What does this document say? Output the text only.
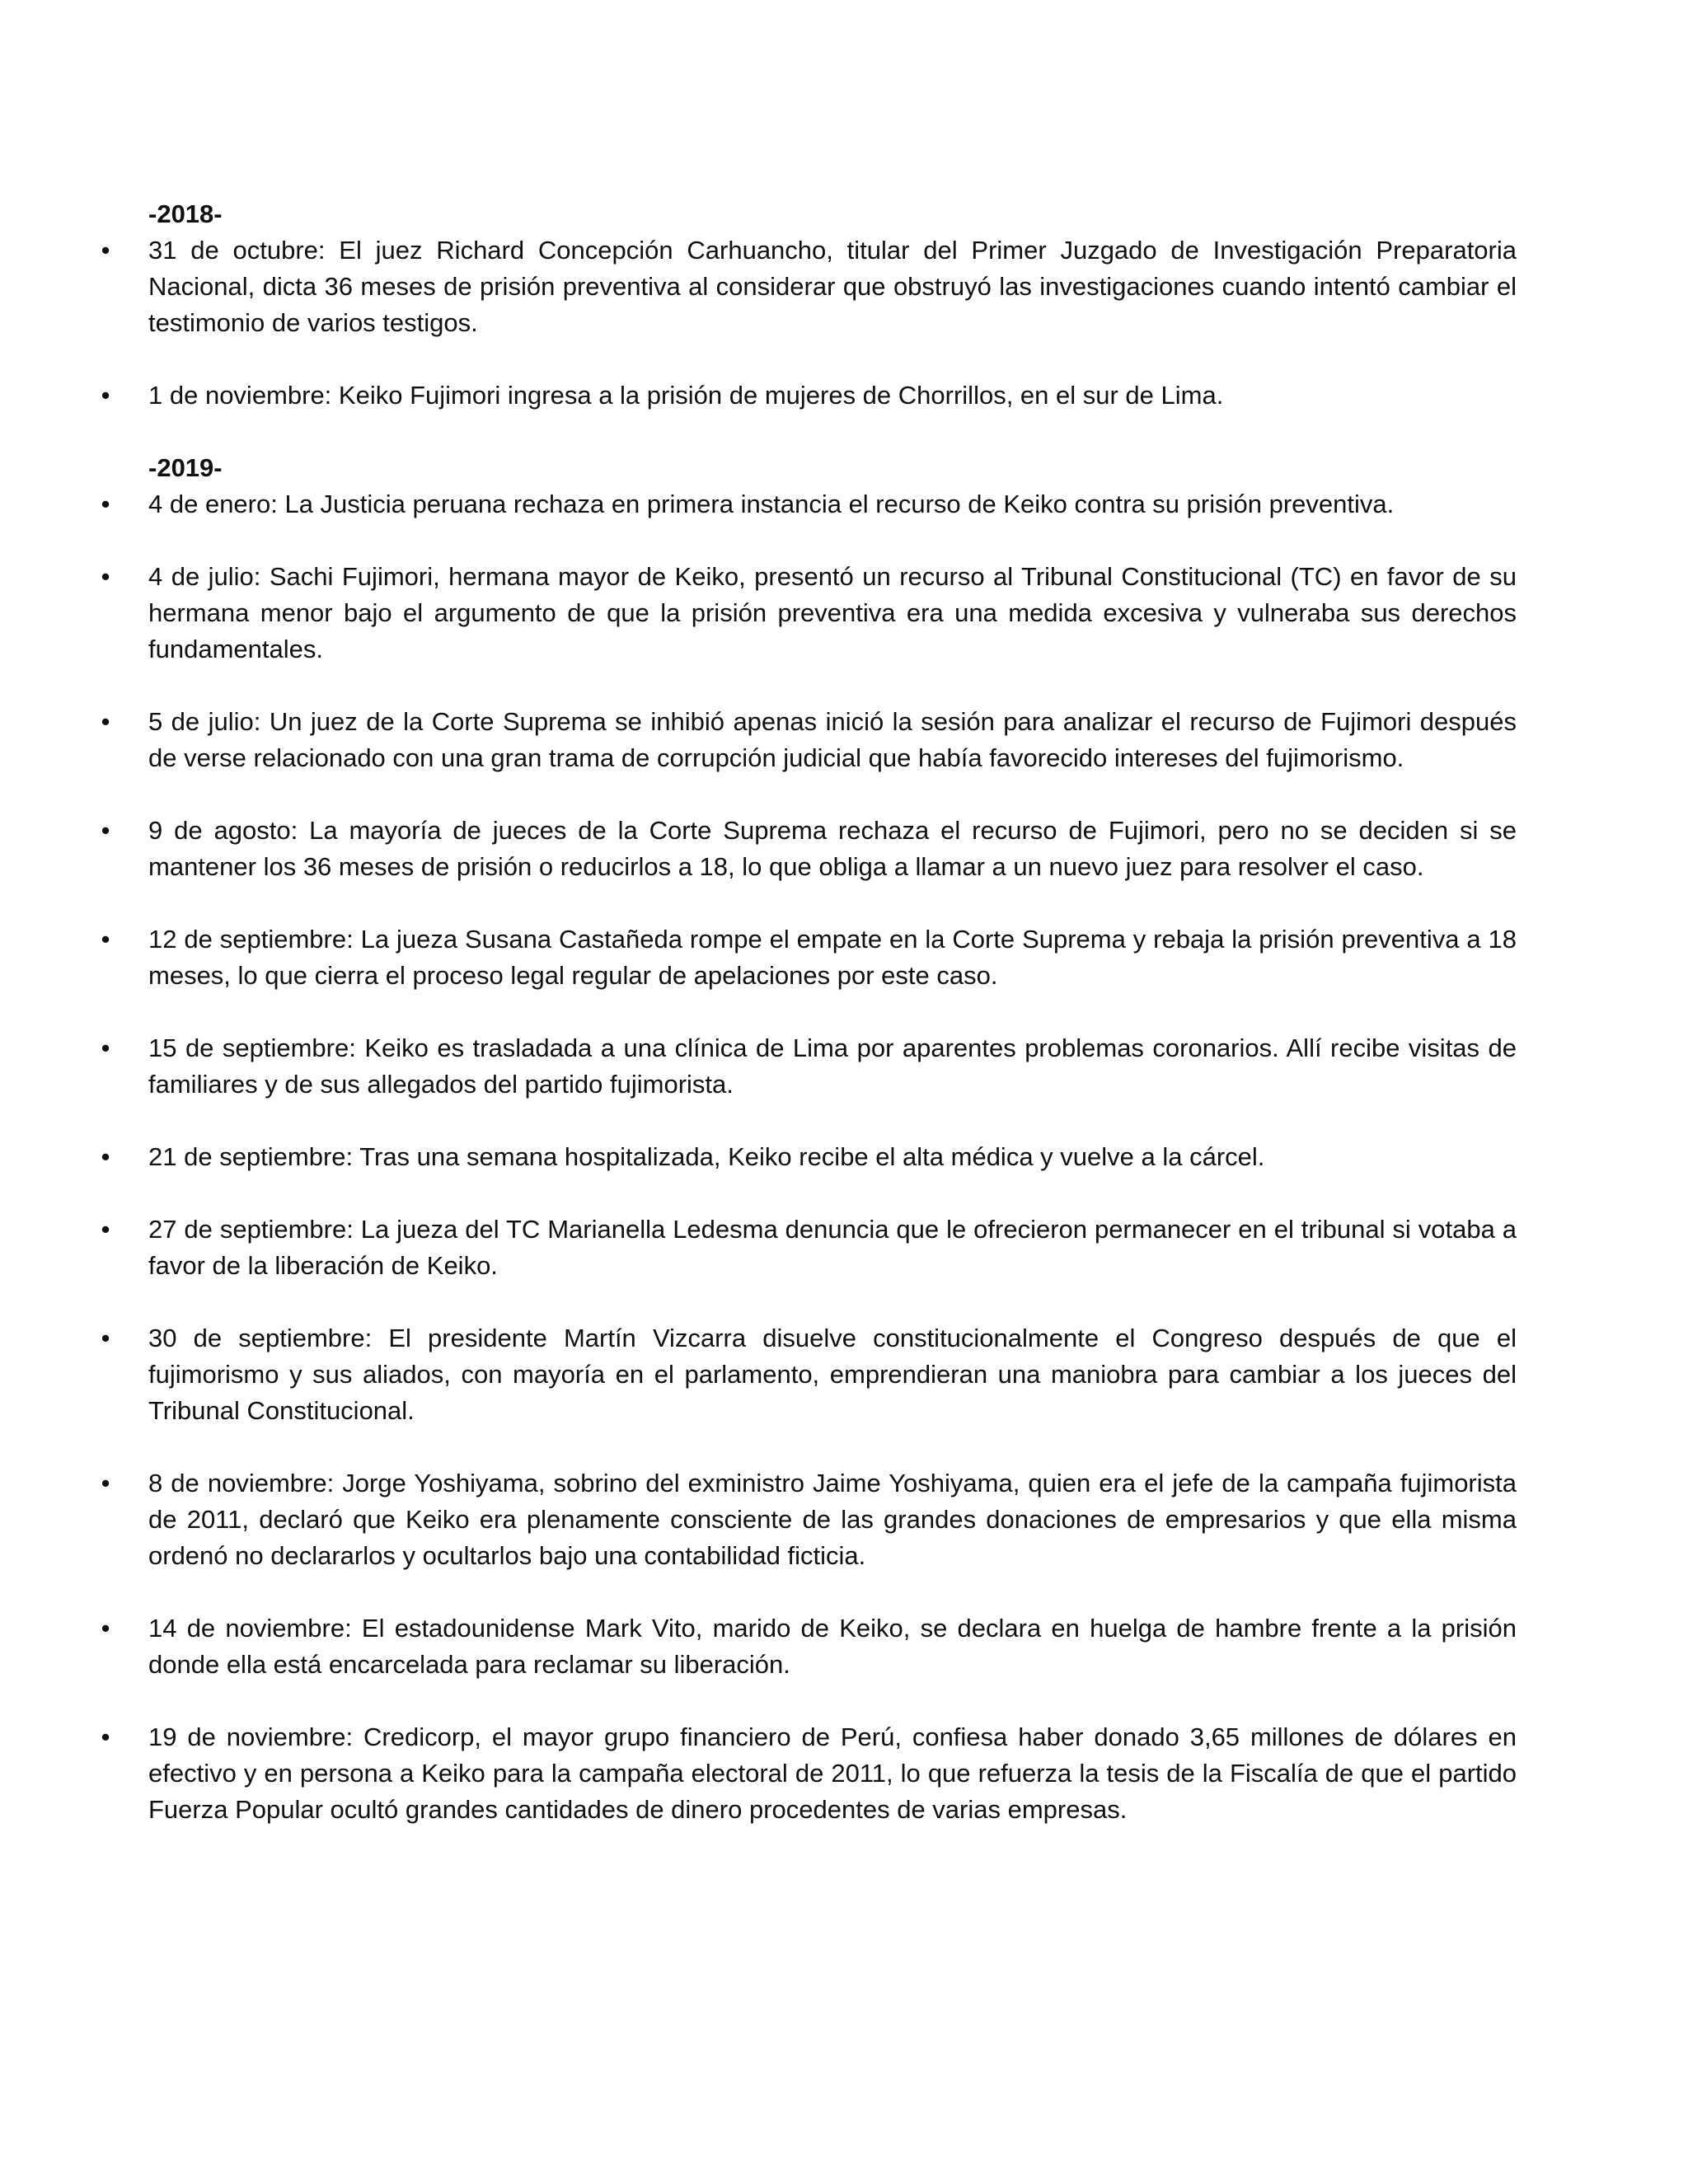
-2018-

• 31 de octubre: El juez Richard Concepción Carhuancho, titular del Primer Juzgado de Investigación Preparatoria Nacional, dicta 36 meses de prisión preventiva al considerar que obstruyó las investigaciones cuando intentó cambiar el testimonio de varios testigos.

• 1 de noviembre: Keiko Fujimori ingresa a la prisión de mujeres de Chorrillos, en el sur de Lima.

-2019-

• 4 de enero: La Justicia peruana rechaza en primera instancia el recurso de Keiko contra su prisión preventiva.

• 4 de julio: Sachi Fujimori, hermana mayor de Keiko, presentó un recurso al Tribunal Constitucional (TC) en favor de su hermana menor bajo el argumento de que la prisión preventiva era una medida excesiva y vulneraba sus derechos fundamentales.

• 5 de julio: Un juez de la Corte Suprema se inhibió apenas inició la sesión para analizar el recurso de Fujimori después de verse relacionado con una gran trama de corrupción judicial que había favorecido intereses del fujimorismo.

• 9 de agosto: La mayoría de jueces de la Corte Suprema rechaza el recurso de Fujimori, pero no se deciden si se mantener los 36 meses de prisión o reducirlos a 18, lo que obliga a llamar a un nuevo juez para resolver el caso.

• 12 de septiembre: La jueza Susana Castañeda rompe el empate en la Corte Suprema y rebaja la prisión preventiva a 18 meses, lo que cierra el proceso legal regular de apelaciones por este caso.

• 15 de septiembre: Keiko es trasladada a una clínica de Lima por aparentes problemas coronarios. Allí recibe visitas de familiares y de sus allegados del partido fujimorista.

• 21 de septiembre: Tras una semana hospitalizada, Keiko recibe el alta médica y vuelve a la cárcel.

• 27 de septiembre: La jueza del TC Marianella Ledesma denuncia que le ofrecieron permanecer en el tribunal si votaba a favor de la liberación de Keiko.

• 30 de septiembre: El presidente Martín Vizcarra disuelve constitucionalmente el Congreso después de que el fujimorismo y sus aliados, con mayoría en el parlamento, emprendieran una maniobra para cambiar a los jueces del Tribunal Constitucional.

• 8 de noviembre: Jorge Yoshiyama, sobrino del exministro Jaime Yoshiyama, quien era el jefe de la campaña fujimorista de 2011, declaró que Keiko era plenamente consciente de las grandes donaciones de empresarios y que ella misma ordenó no declararlos y ocultarlos bajo una contabilidad ficticia.

• 14 de noviembre: El estadounidense Mark Vito, marido de Keiko, se declara en huelga de hambre frente a la prisión donde ella está encarcelada para reclamar su liberación.

• 19 de noviembre: Credicorp, el mayor grupo financiero de Perú, confiesa haber donado 3,65 millones de dólares en efectivo y en persona a Keiko para la campaña electoral de 2011, lo que refuerza la tesis de la Fiscalía de que el partido Fuerza Popular ocultó grandes cantidades de dinero procedentes de varias empresas.
